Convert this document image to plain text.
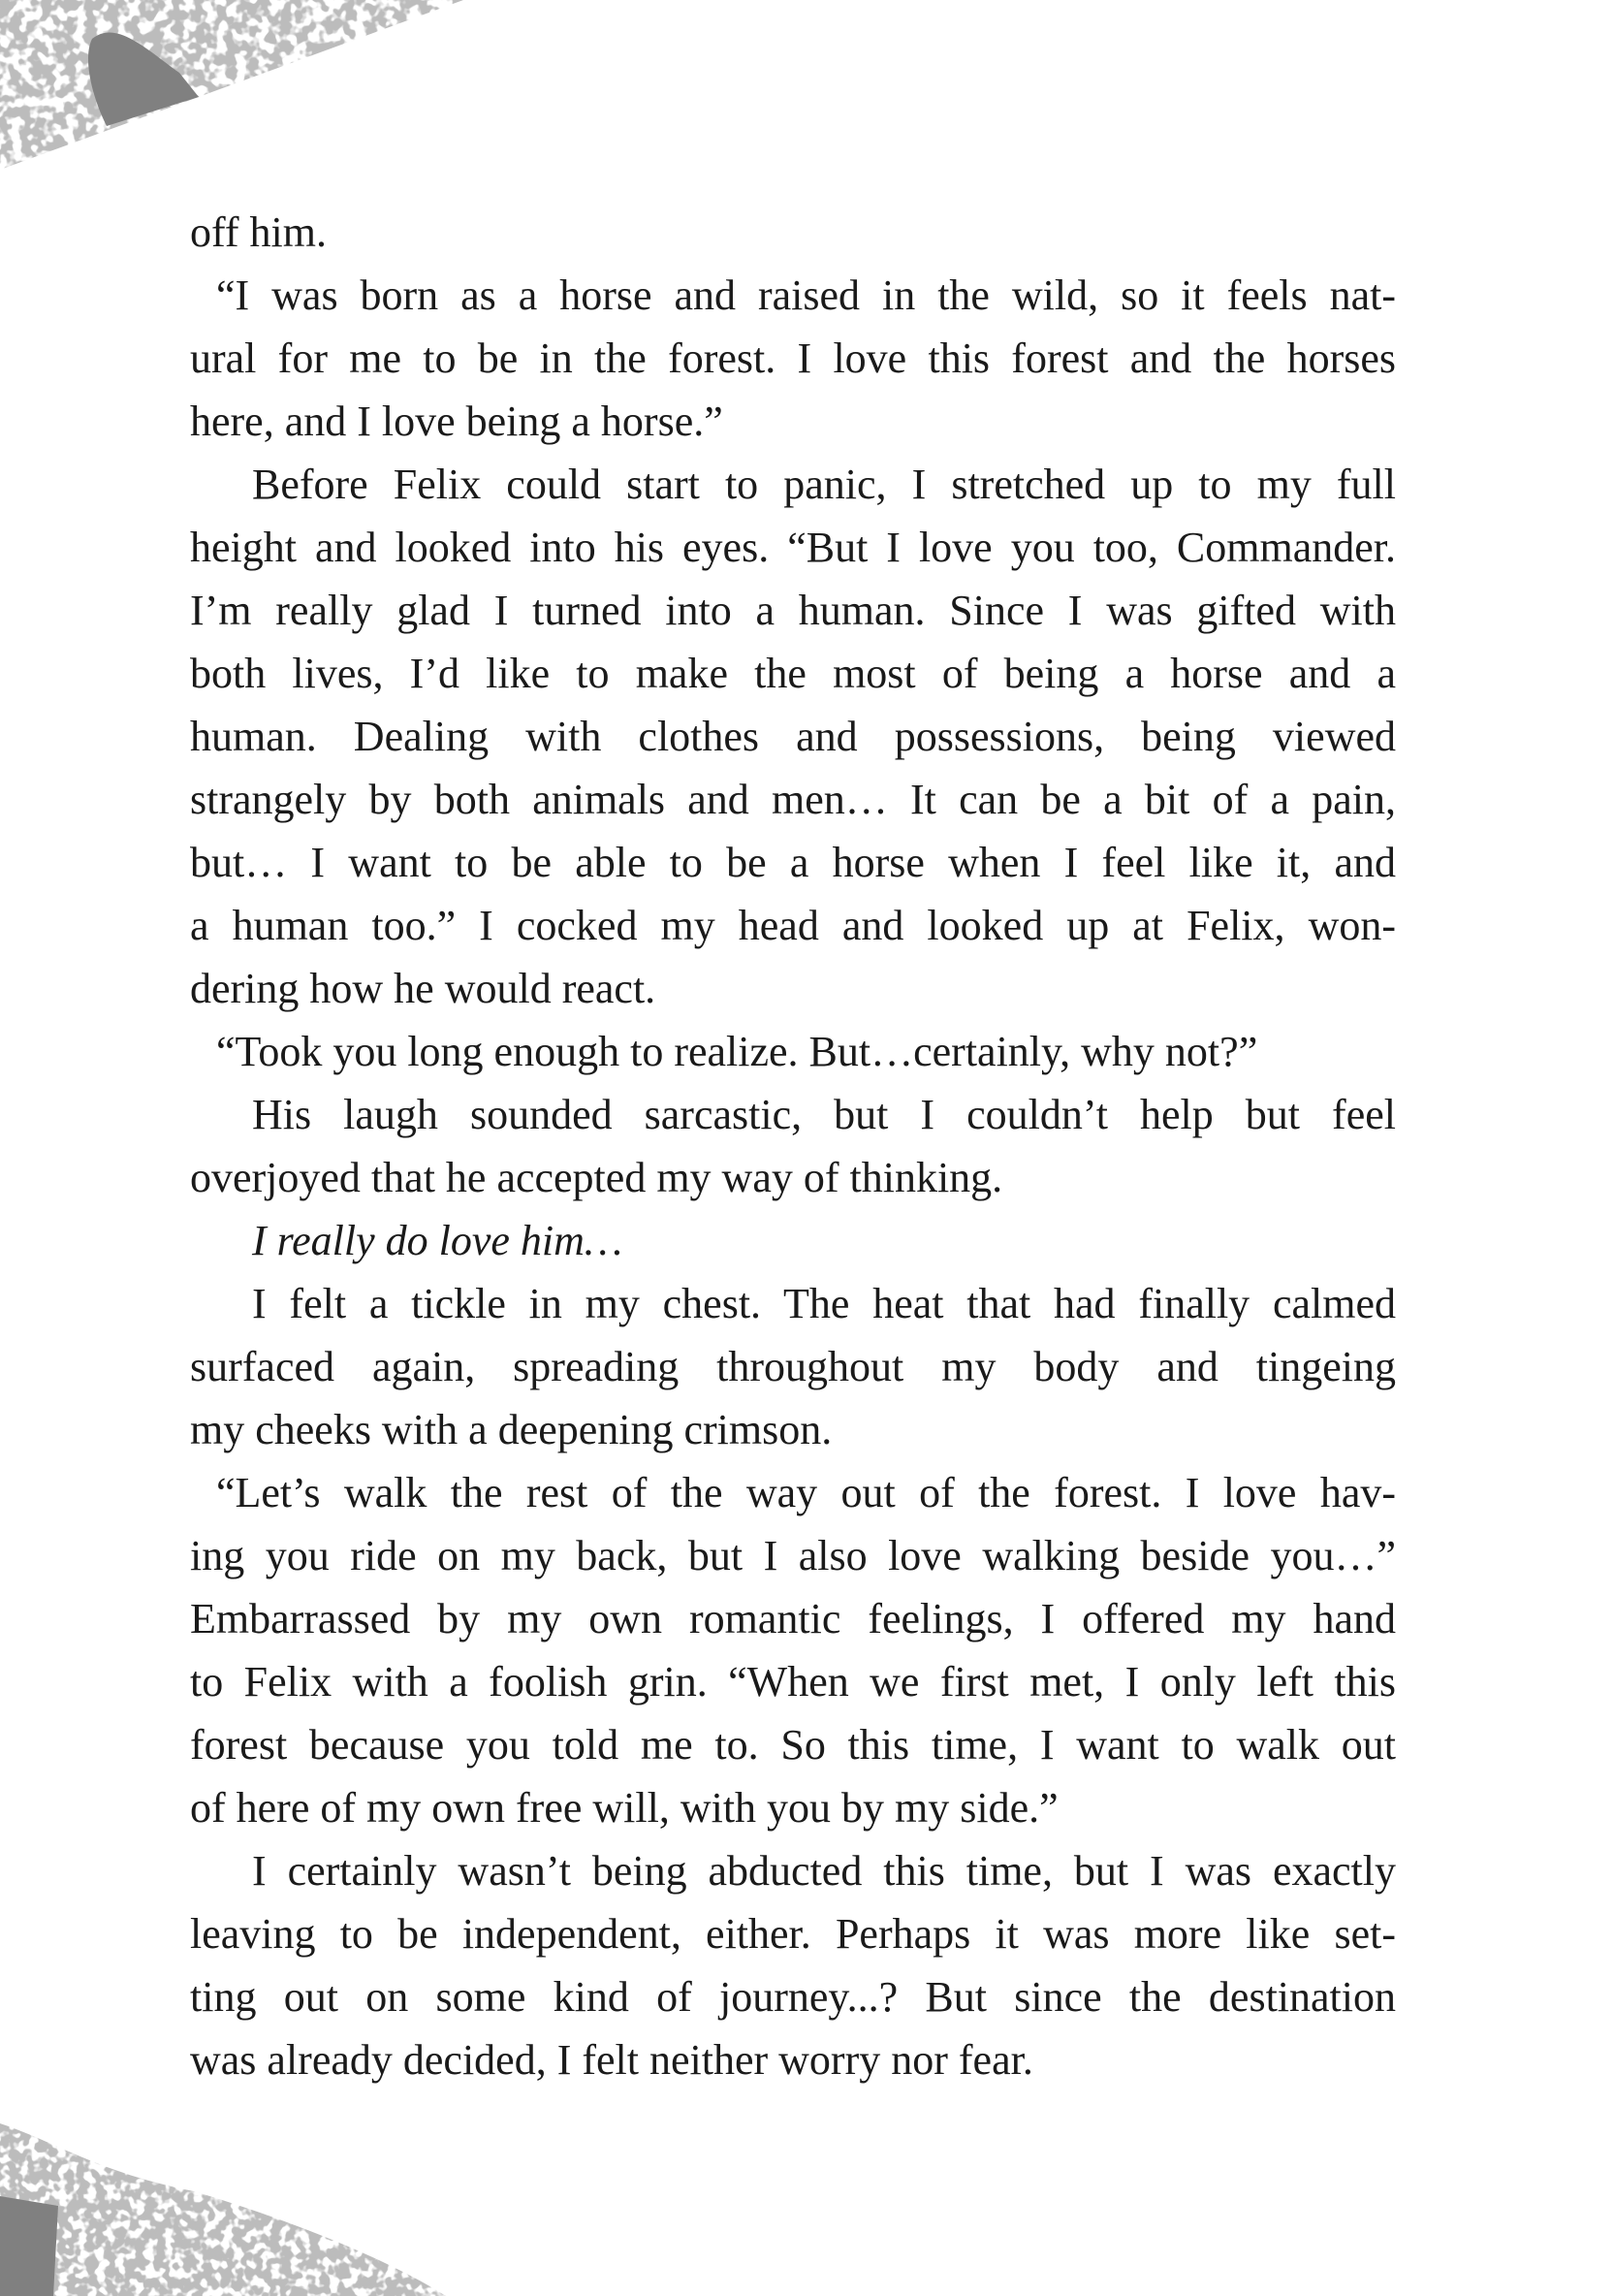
off him.
“I was born as a horse and raised in the wild, so it feels nat-
ural for me to be in the forest. I love this forest and the horses
here, and I love being a horse.”
Before Felix could start to panic, I stretched up to my full
height and looked into his eyes. “But I love you too, Commander.
I’m really glad I turned into a human. Since I was gifted with
both lives, I’d like to make the most of being a horse and a
human. Dealing with clothes and possessions, being viewed
strangely by both animals and men… It can be a bit of a pain,
but… I want to be able to be a horse when I feel like it, and
a human too.” I cocked my head and looked up at Felix, won-
dering how he would react.
“Took you long enough to realize. But…certainly, why not?”
His laugh sounded sarcastic, but I couldn’t help but feel
overjoyed that he accepted my way of thinking.
I really do love him…
I felt a tickle in my chest. The heat that had finally calmed
surfaced again, spreading throughout my body and tingeing
my cheeks with a deepening crimson.
“Let’s walk the rest of the way out of the forest. I love hav-
ing you ride on my back, but I also love walking beside you…”
Embarrassed by my own romantic feelings, I offered my hand
to Felix with a foolish grin. “When we first met, I only left this
forest because you told me to. So this time, I want to walk out
of here of my own free will, with you by my side.”
I certainly wasn’t being abducted this time, but I was exactly
leaving to be independent, either. Perhaps it was more like set-
ting out on some kind of journey...? But since the destination
was already decided, I felt neither worry nor fear.
